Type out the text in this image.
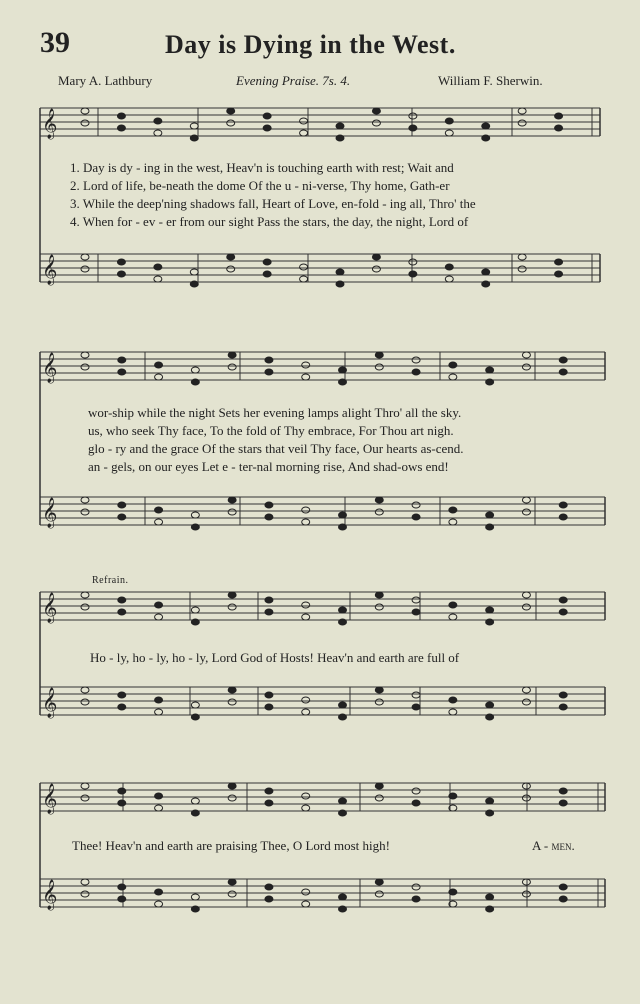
39	Day is Dying in the West.
Mary A. Lathbury	Evening Praise. 7s. 4.	William F. Sherwin.
𝄞
𝄞
𝄞
𝄞
𝄞
𝄞
𝄞
𝄞
1. Day is dy - ing in the west, Heav'n is touching earth with rest; Wait and
2. Lord of life, be-neath the dome Of the u - ni-verse, Thy home, Gath-er
3. While the deep'ning shadows fall, Heart of Love, en-fold - ing all, Thro' the
4. When for - ev - er from our sight Pass the stars, the day, the night, Lord of
wor-ship while the night Sets her evening lamps alight Thro' all the sky.
us, who seek Thy face, To the fold of Thy embrace, For Thou art nigh.
glo - ry and the grace Of the stars that veil Thy face, Our hearts as-cend.
an - gels, on our eyes Let e - ter-nal morning rise, And shad-ows end!
Refrain.
Ho - ly, ho - ly, ho - ly, Lord God of Hosts! Heav'n and earth are full of
Thee! Heav'n and earth are praising Thee, O Lord most high!	A - men.
